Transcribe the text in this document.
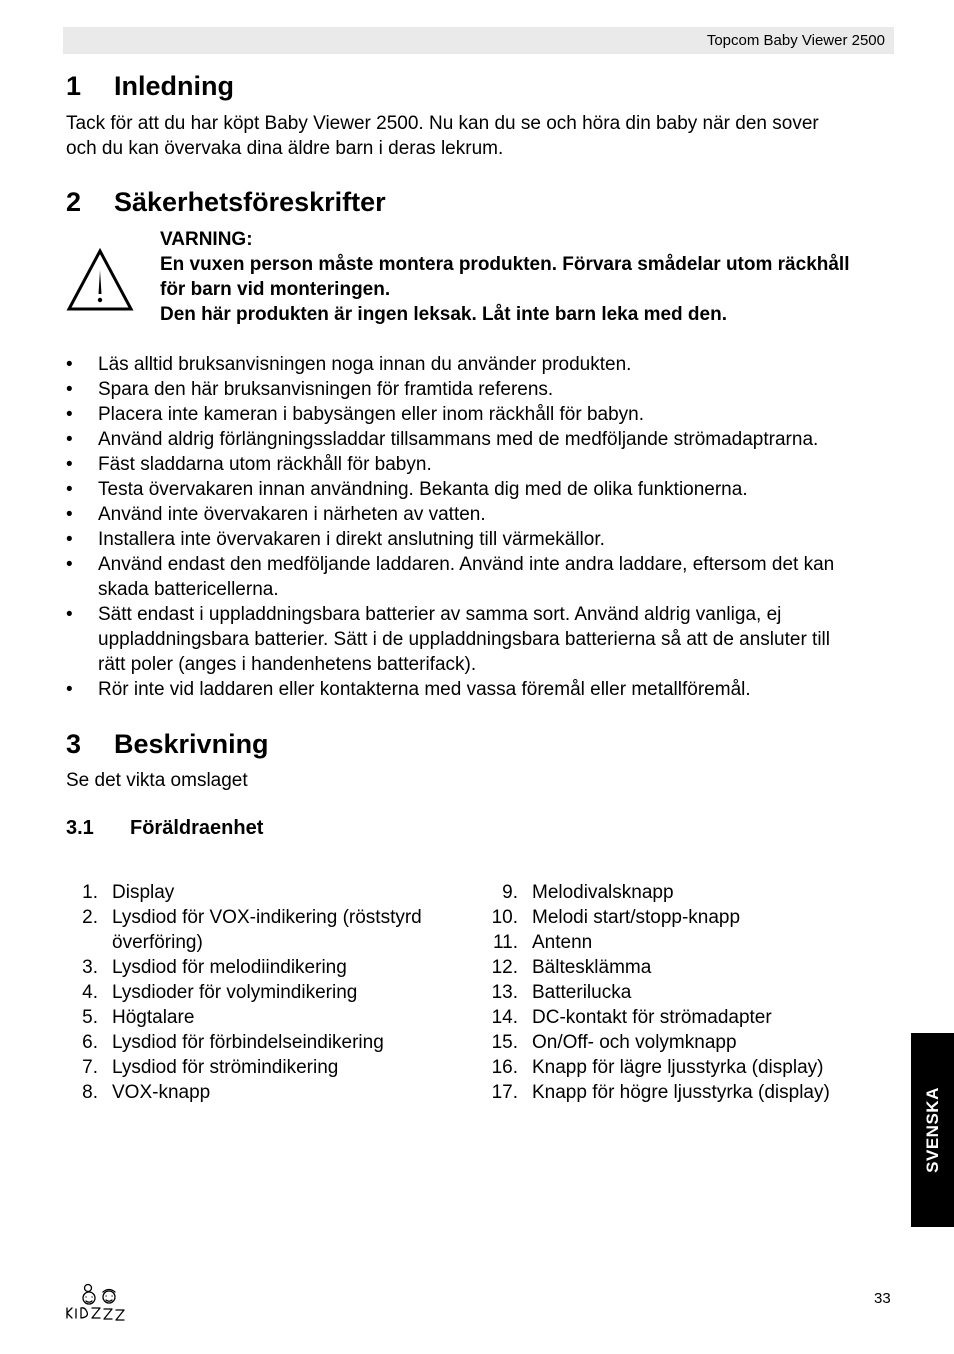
Topcom Baby Viewer 2500
1 Inledning
Tack för att du har köpt Baby Viewer 2500. Nu kan du se och höra din baby när den sover
och du kan övervaka dina äldre barn i deras lekrum.
2 Säkerhetsföreskrifter
VARNING:
En vuxen person måste montera produkten. Förvara smådelar utom räckhåll
för barn vid monteringen.
Den här produkten är ingen leksak. Låt inte barn leka med den.
• Läs alltid bruksanvisningen noga innan du använder produkten.
• Spara den här bruksanvisningen för framtida referens.
• Placera inte kameran i babysängen eller inom räckhåll för babyn.
• Använd aldrig förlängningssladdar tillsammans med de medföljande strömadaptrarna.
• Fäst sladdarna utom räckhåll för babyn.
• Testa övervakaren innan användning. Bekanta dig med de olika funktionerna.
• Använd inte övervakaren i närheten av vatten.
• Installera inte övervakaren i direkt anslutning till värmekällor.
• Använd endast den medföljande laddaren. Använd inte andra laddare, eftersom det kan
skada battericellerna.
• Sätt endast i uppladdningsbara batterier av samma sort. Använd aldrig vanliga, ej
uppladdningsbara batterier. Sätt i de uppladdningsbara batterierna så att de ansluter till
rätt poler (anges i handenhetens batterifack).
• Rör inte vid laddaren eller kontakterna med vassa föremål eller metallföremål.
3 Beskrivning
Se det vikta omslaget
3.1 Föräldraenhet
1. Display
2. Lysdiod för VOX-indikering (röststyrd
överföring)
3. Lysdiod för melodiindikering
4. Lysdioder för volymindikering
5. Högtalare
6. Lysdiod för förbindelseindikering
7. Lysdiod för strömindikering
8. VOX-knapp
9. Melodivalsknapp
10. Melodi start/stopp-knapp
11. Antenn
12. Bältesklämma
13. Batterilucka
14. DC-kontakt för strömadapter
15. On/Off- och volymknapp
16. Knapp för lägre ljusstyrka (display)
17. Knapp för högre ljusstyrka (display)	SVENSKA
33
